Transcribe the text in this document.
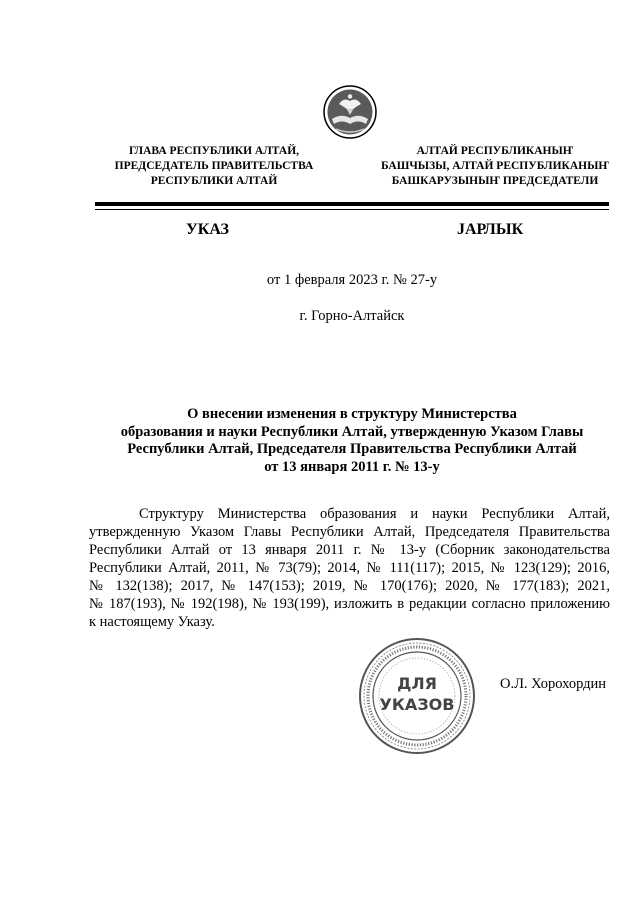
ГЛАВА РЕСПУБЛИКИ АЛТАЙ,
ПРЕДСЕДАТЕЛЬ ПРАВИТЕЛЬСТВА
РЕСПУБЛИКИ АЛТАЙ
АЛТАЙ РЕСПУБЛИКАНЫҤ
БАШЧЫЗЫ, АЛТАЙ РЕСПУБЛИКАНЫҤ
БАШКАРУЗЫНЫҤ ПРЕДСЕДАТЕЛИ
УКАЗ	ЈАРЛЫК
от 1 февраля 2023 г. № 27-у
г. Горно-Алтайск
О внесении изменения в структуру Министерства
образования и науки Республики Алтай, утвержденную Указом Главы
Республики Алтай, Председателя Правительства Республики Алтай
от 13 января 2011 г. № 13-у
Структуру Министерства образования и науки Республики Алтай,
утвержденную Указом Главы Республики Алтай, Председателя Правительства
Республики Алтай от 13 января 2011 г. № 13-у (Сборник законодательства
Республики Алтай, 2011, № 73(79); 2014, № 111(117); 2015, № 123(129); 2016,
№ 132(138); 2017, № 147(153); 2019, № 170(176); 2020, № 177(183); 2021,
№ 187(193), № 192(198), № 193(199), изложить в редакции согласно приложению
к настоящему Указу.
ДЛЯ
УКАЗОВ
О.Л. Хорохордин
